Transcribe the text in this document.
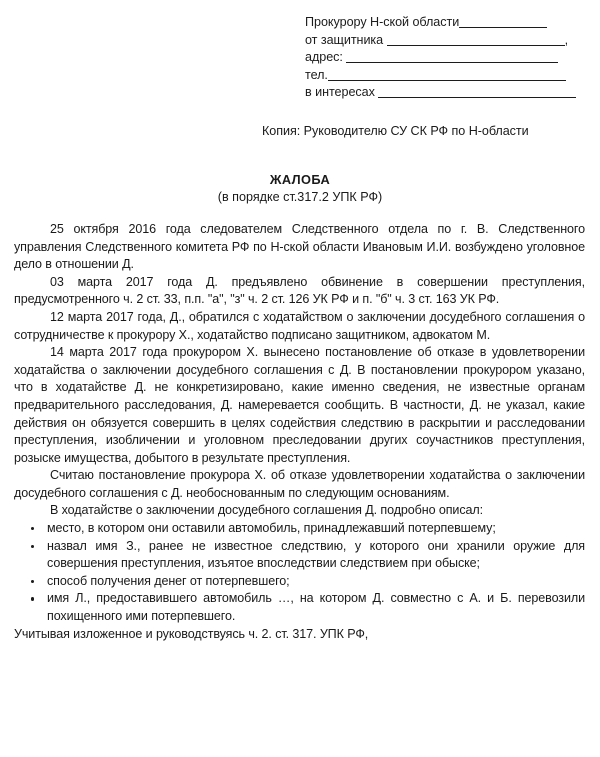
Прокурору Н-ской области
от защитника	,
адрес:
тел.
в интересах
Копия: Руководителю СУ СК РФ по Н-области
ЖАЛОБА
(в порядке ст.317.2 УПК РФ)

25 октября 2016 года следователем Следственного отдела по г. В. Следственного управления Следственного комитета РФ по Н-ской области Ивановым И.И. возбуждено уголовное дело в отношении Д.

03 марта 2017 года Д. предъявлено обвинение в совершении преступления, предусмотренного ч. 2 ст. 33, п.п. "а", "з" ч. 2 ст. 126 УК РФ и п. "б" ч. 3 ст. 163 УК РФ.

12 марта 2017 года, Д., обратился с ходатайством о заключении досудебного соглашения о сотрудничестве к прокурору Х., ходатайство подписано защитником, адвокатом М.

14 марта 2017 года прокурором Х. вынесено постановление об отказе в удовлетворении ходатайства о заключении досудебного соглашения с Д. В постановлении прокурором указано, что в ходатайстве Д. не конкретизировано, какие именно сведения, не известные органам предварительного расследования, Д. намеревается сообщить. В частности, Д. не указал, какие действия он обязуется совершить в целях содействия следствию в раскрытии и расследовании преступления, изобличении и уголовном преследовании других соучастников преступления, розыске имущества, добытого в результате преступления.

Считаю постановление прокурора Х. об отказе удовлетворении ходатайства о заключении досудебного соглашения с Д. необоснованным по следующим основаниям.

В ходатайстве о заключении досудебного соглашения Д. подробно описал:

место, в котором они оставили автомобиль, принадлежавший потерпевшему;
назвал имя З., ранее не известное следствию, у которого они хранили оружие для совершения преступления, изъятое впоследствии следствием при обыске;
способ получения денег от потерпевшего;
имя Л., предоставившего автомобиль …, на котором Д. совместно с А. и Б. перевозили похищенного ими потерпевшего.

Учитывая изложенное и руководствуясь ч. 2. ст. 317. УПК РФ,
